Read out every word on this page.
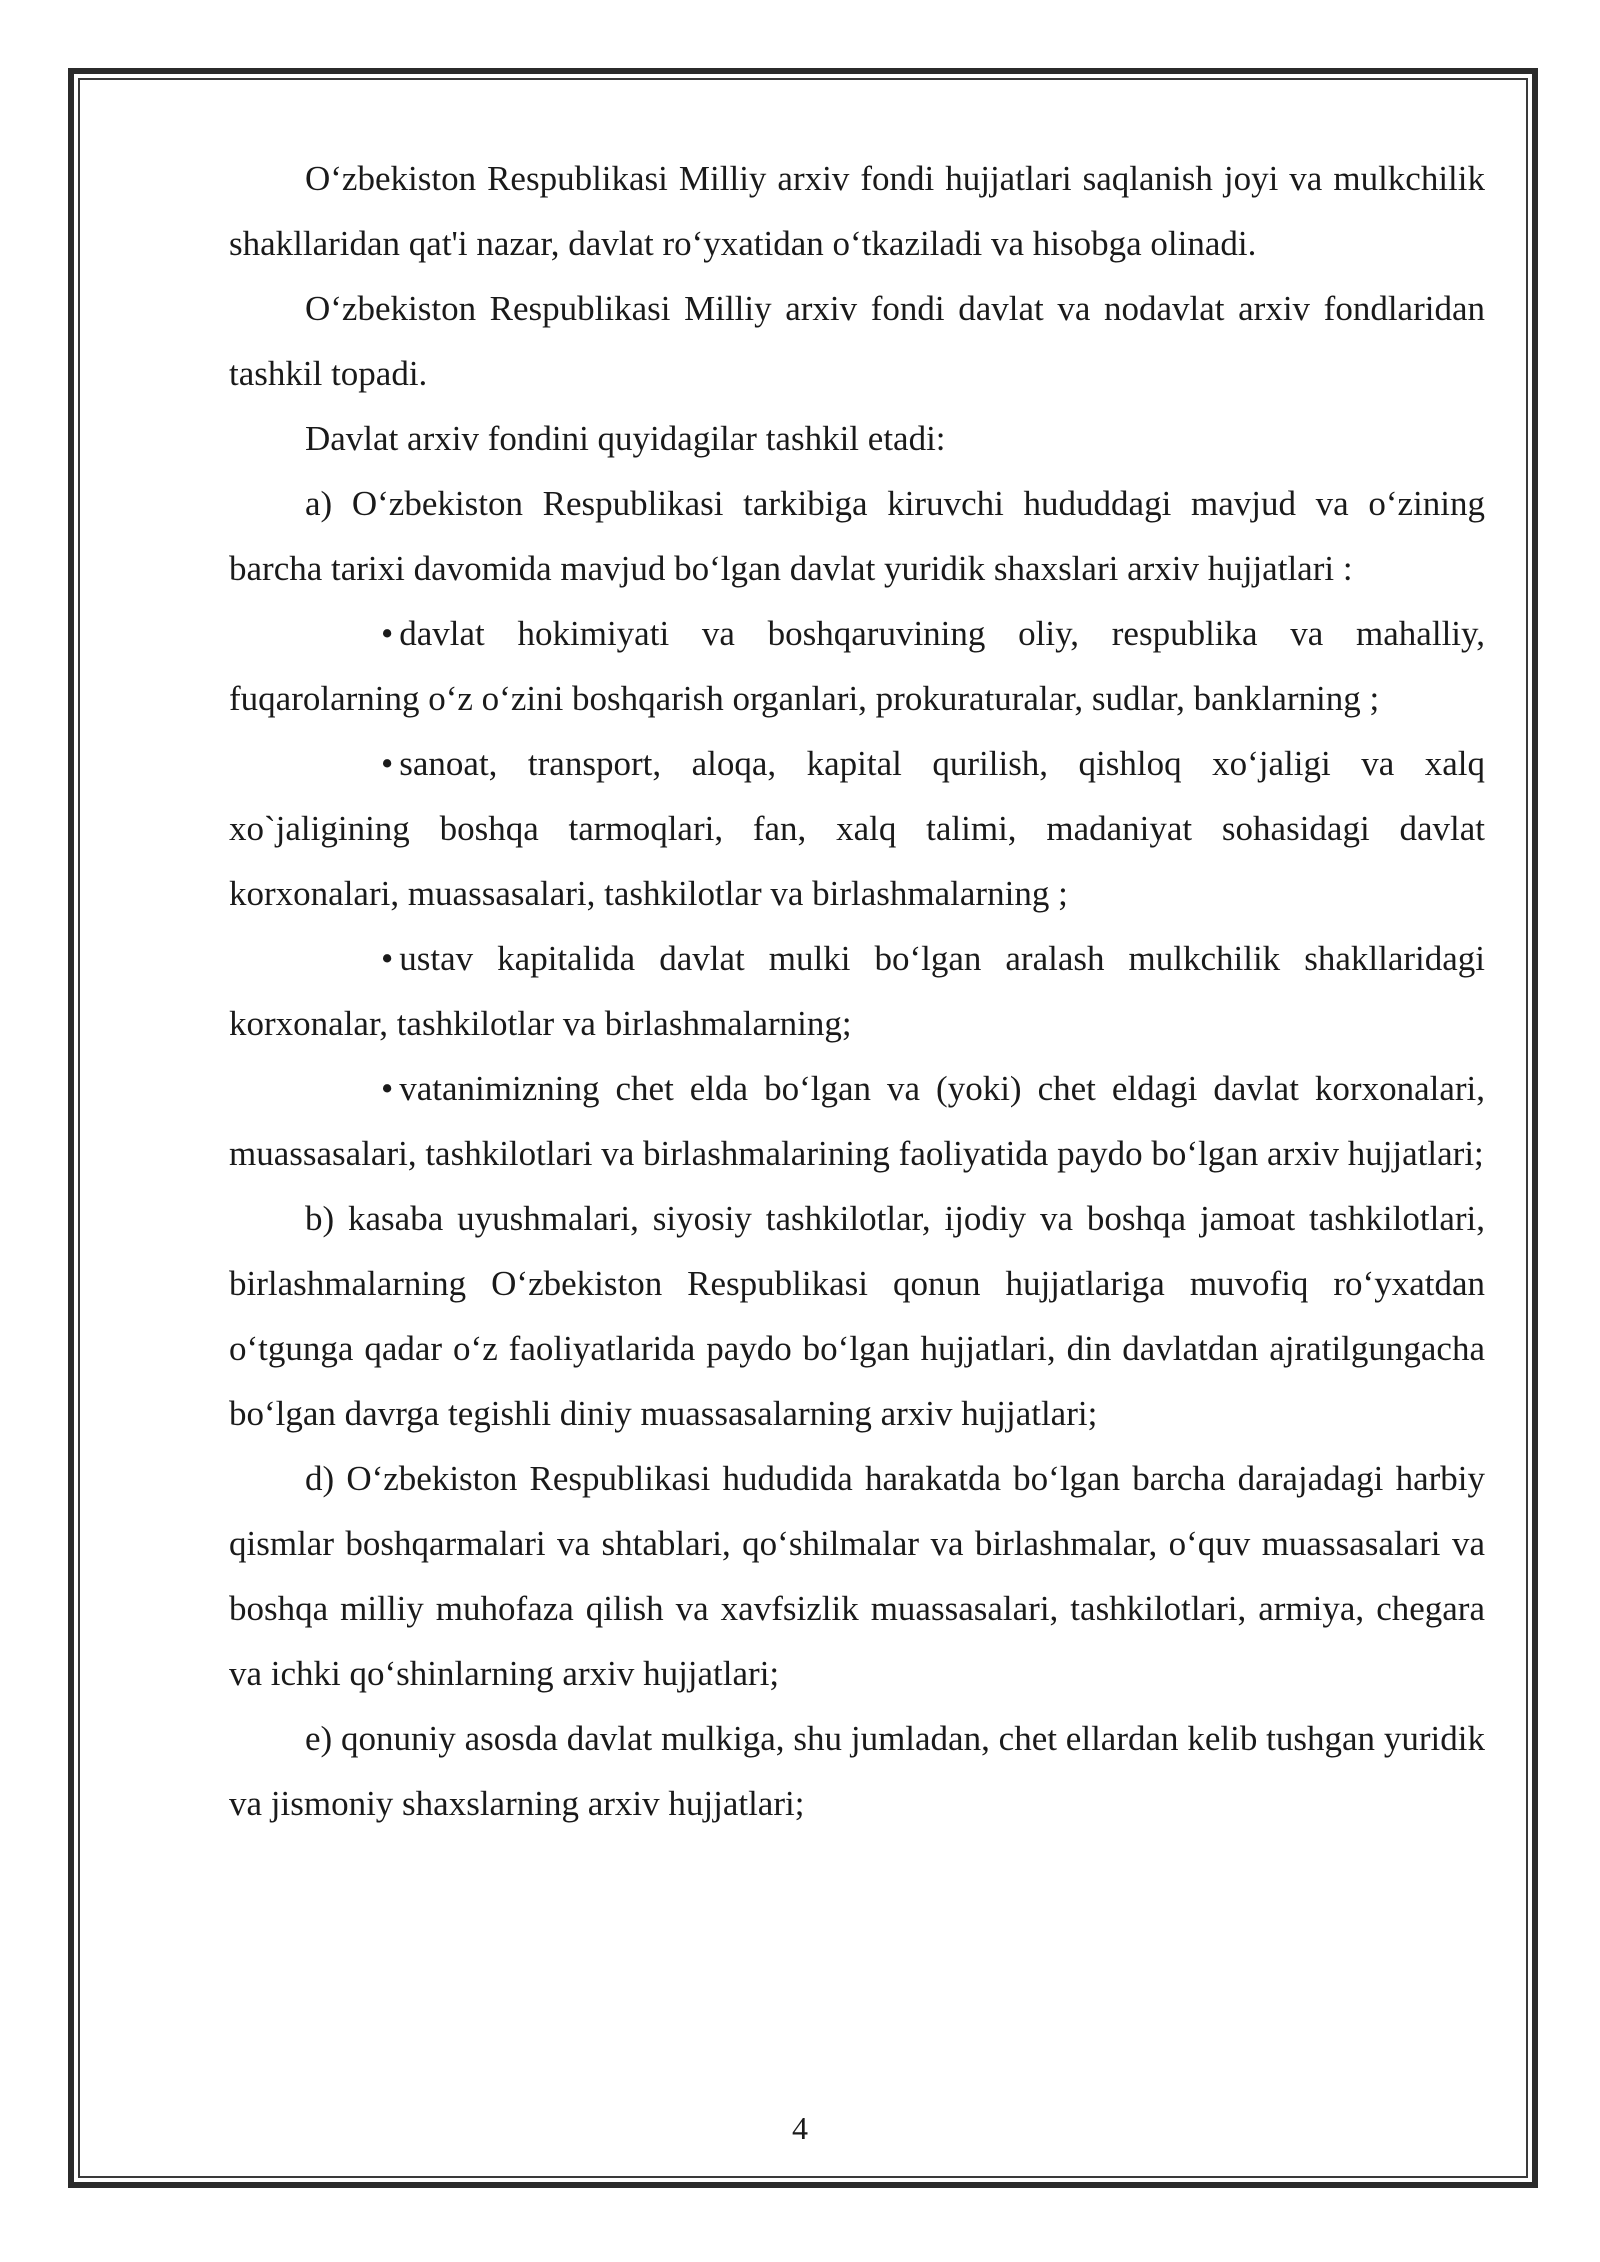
O‘zbekiston Respublikasi Milliy arxiv fondi hujjatlari saqlanish joyi va mulkchilik shakllaridan qat'i nazar, davlat ro‘yxatidan o‘tkaziladi va hisobga olinadi.

O‘zbekiston Respublikasi Milliy arxiv fondi davlat va nodavlat arxiv fondlaridan tashkil topadi.

Davlat arxiv fondini quyidagilar tashkil etadi:

a) O‘zbekiston Respublikasi tarkibiga kiruvchi hududdagi mavjud va o‘zining barcha tarixi davomida mavjud bo‘lgan davlat yuridik shaxslari arxiv hujjatlari :

• davlat hokimiyati va boshqaruvining oliy, respublika va mahalliy, fuqarolarning o‘z o‘zini boshqarish organlari, prokuraturalar, sudlar, banklarning ;

• sanoat, transport, aloqa, kapital qurilish, qishloq xo‘jaligi va xalq xo`jaligining boshqa tarmoqlari, fan, xalq talimi, madaniyat sohasidagi davlat korxonalari, muassasalari, tashkilotlar va birlashmalarning ;

• ustav kapitalida davlat mulki bo‘lgan aralash mulkchilik shakllaridagi korxonalar, tashkilotlar va birlashmalarning;

• vatanimizning chet elda bo‘lgan va (yoki) chet eldagi davlat korxonalari, muassasalari, tashkilotlari va birlashmalarining faoliyatida paydo bo‘lgan arxiv hujjatlari;

b) kasaba uyushmalari, siyosiy tashkilotlar, ijodiy va boshqa jamoat tashkilotlari, birlashmalarning O‘zbekiston Respublikasi qonun hujjatlariga muvofiq ro‘yxatdan o‘tgunga qadar o‘z faoliyatlarida paydo bo‘lgan hujjatlari, din davlatdan ajratilgungacha bo‘lgan davrga tegishli diniy muassasalarning arxiv hujjatlari;

d) O‘zbekiston Respublikasi hududida harakatda bo‘lgan barcha darajadagi harbiy qismlar boshqarmalari va shtablari, qo‘shilmalar va birlashmalar, o‘quv muassasalari va boshqa milliy muhofaza qilish va xavfsizlik muassasalari, tashkilotlari, armiya, chegara va ichki qo‘shinlarning arxiv hujjatlari;

e) qonuniy asosda davlat mulkiga, shu jumladan, chet ellardan kelib tushgan yuridik va jismoniy shaxslarning arxiv hujjatlari;

4
